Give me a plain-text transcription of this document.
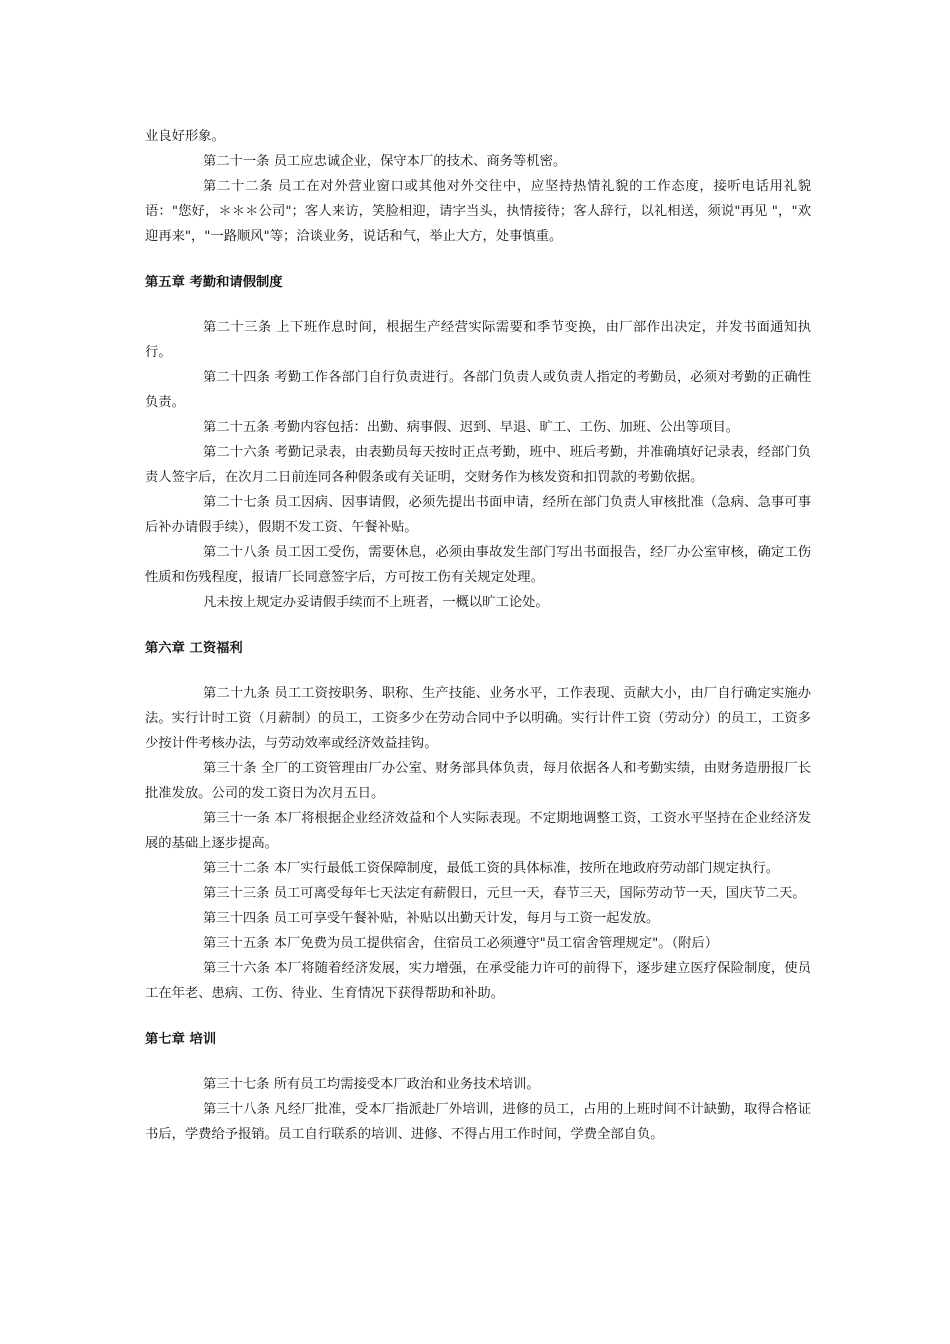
业良好形象。

第二十一条 员工应忠诚企业，保守本厂的技术、商务等机密。

第二十二条 员工在对外营业窗口或其他对外交往中，应坚持热情礼貌的工作态度，接听电话用礼貌语："您好，＊＊＊公司"；客人来访，笑脸相迎，请字当头，执情接待；客人辞行，以礼相送，须说"再见 "，"欢迎再来"，"一路顺风"等；洽谈业务，说话和气，举止大方，处事慎重。

第五章 考勤和请假制度

第二十三条 上下班作息时间，根据生产经营实际需要和季节变换，由厂部作出决定，并发书面通知执行。

第二十四条 考勤工作各部门自行负责进行。各部门负责人或负责人指定的考勤员，必须对考勤的正确性负责。

第二十五条 考勤内容包括：出勤、病事假、迟到、早退、旷工、工伤、加班、公出等项目。

第二十六条 考勤记录表，由表勤员每天按时正点考勤，班中、班后考勤，并准确填好记录表，经部门负责人签字后，在次月二日前连同各种假条或有关证明，交财务作为核发资和扣罚款的考勤依据。

第二十七条 员工因病、因事请假，必须先提出书面申请，经所在部门负责人审核批准（急病、急事可事后补办请假手续），假期不发工资、午餐补贴。

第二十八条 员工因工受伤，需要休息，必须由事故发生部门写出书面报告，经厂办公室审核，确定工伤性质和伤残程度，报请厂长同意签字后，方可按工伤有关规定处理。

凡未按上规定办妥请假手续而不上班者，一概以旷工论处。

第六章 工资福利

第二十九条 员工工资按职务、职称、生产技能、业务水平，工作表现、贡献大小，由厂自行确定实施办法。实行计时工资（月薪制）的员工，工资多少在劳动合同中予以明确。实行计件工资（劳动分）的员工，工资多少按计件考核办法，与劳动效率或经济效益挂钩。

第三十条 全厂的工资管理由厂办公室、财务部具体负责，每月依据各人和考勤实绩，由财务造册报厂长批准发放。公司的发工资日为次月五日。

第三十一条 本厂将根据企业经济效益和个人实际表现。不定期地调整工资，工资水平坚持在企业经济发展的基础上逐步提高。

第三十二条 本厂实行最低工资保障制度，最低工资的具体标准，按所在地政府劳动部门规定执行。

第三十三条 员工可离受每年七天法定有薪假日，元旦一天，春节三天，国际劳动节一天，国庆节二天。

第三十四条 员工可享受午餐补贴，补贴以出勤天计发，每月与工资一起发放。

第三十五条 本厂免费为员工提供宿舍，住宿员工必须遵守"员工宿舍管理规定"。（附后）

第三十六条 本厂将随着经济发展，实力增强，在承受能力许可的前得下，逐步建立医疗保险制度，使员工在年老、患病、工伤、待业、生育情况下获得帮助和补助。

第七章 培训

第三十七条 所有员工均需接受本厂政治和业务技术培训。

第三十八条 凡经厂批准，受本厂指派赴厂外培训，进修的员工，占用的上班时间不计缺勤，取得合格证书后，学费给予报销。员工自行联系的培训、进修、不得占用工作时间，学费全部自负。
